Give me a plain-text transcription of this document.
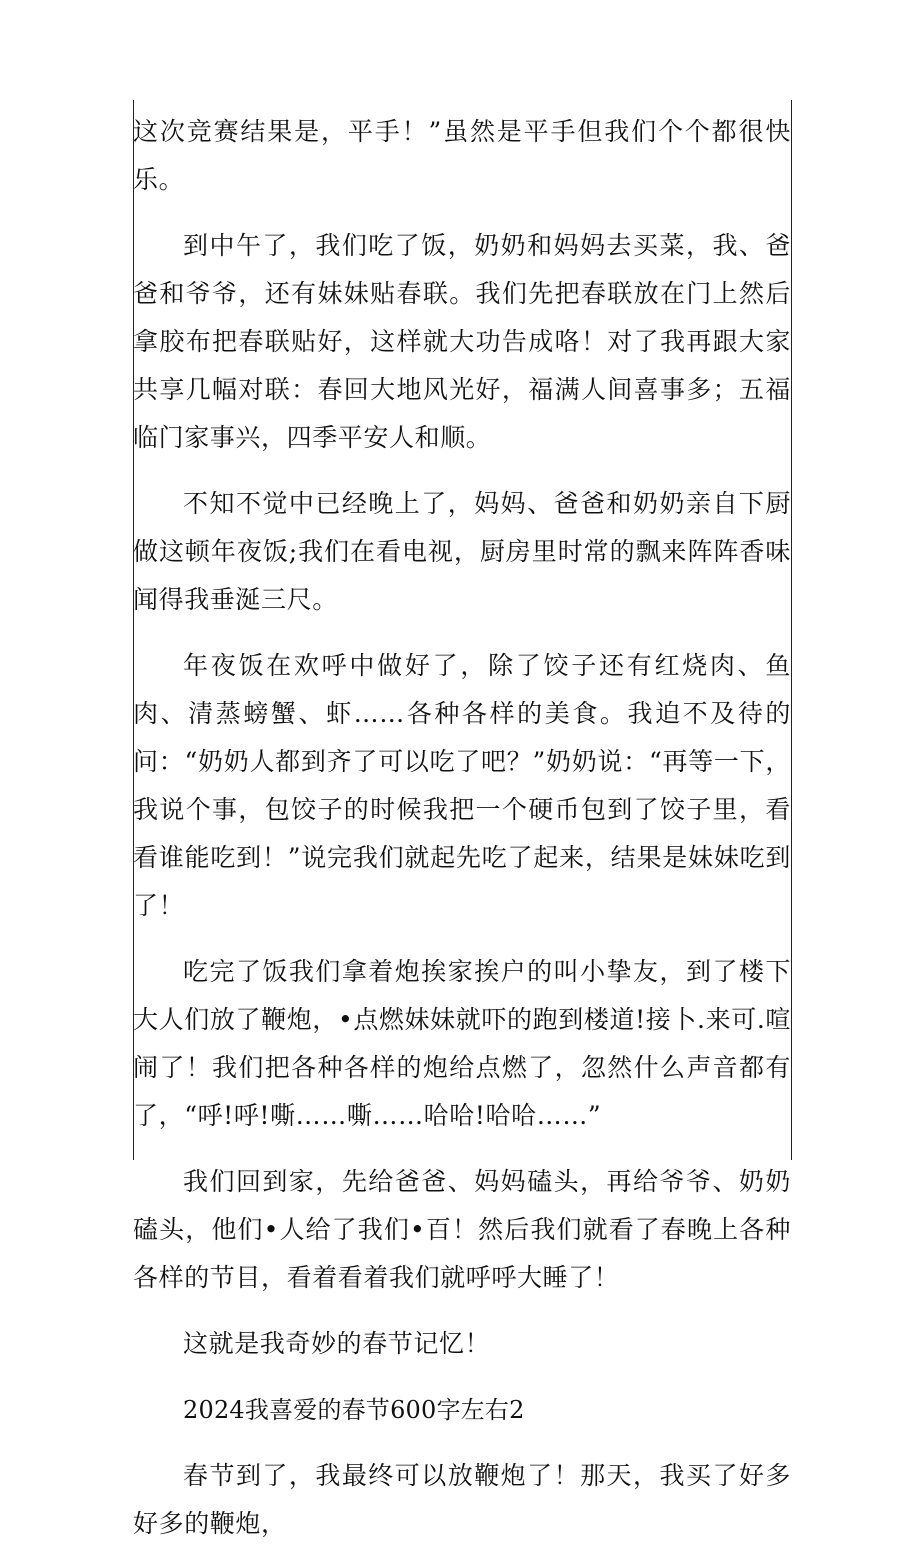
这次竞赛结果是，平手！”虽然是平手但我们个个都很快乐。

到中午了，我们吃了饭，奶奶和妈妈去买菜，我、爸爸和爷爷，还有妹妹贴春联。我们先把春联放在门上然后拿胶布把春联贴好，这样就大功告成咯！对了我再跟大家共享几幅对联：春回大地风光好，福满人间喜事多；五福临门家事兴，四季平安人和顺。

不知不觉中已经晚上了，妈妈、爸爸和奶奶亲自下厨做这顿年夜饭;我们在看电视，厨房里时常的飘来阵阵香味闻得我垂涎三尺。

年夜饭在欢呼中做好了，除了饺子还有红烧肉、鱼肉、清蒸螃蟹、虾……各种各样的美食。我迫不及待的问：“奶奶人都到齐了可以吃了吧？”奶奶说：“再等一下，我说个事，包饺子的时候我把一个硬币包到了饺子里，看看谁能吃到！”说完我们就起先吃了起来，结果是妹妹吃到了！

吃完了饭我们拿着炮挨家挨户的叫小挚友，到了楼下大人们放了鞭炮，•点燃妹妹就吓的跑到楼道!接卜.来可.喧闹了！我们把各种各样的炮给点燃了，忽然什么声音都有了，“呼!呼!嘶……嘶……哈哈!哈哈……”

我们回到家，先给爸爸、妈妈磕头，再给爷爷、奶奶磕头，他们•人给了我们•百！然后我们就看了春晚上各种各样的节目，看着看着我们就呼呼大睡了！

这就是我奇妙的春节记忆！

2024我喜爱的春节600字左右2

春节到了，我最终可以放鞭炮了！那天，我买了好多好多的鞭炮，
